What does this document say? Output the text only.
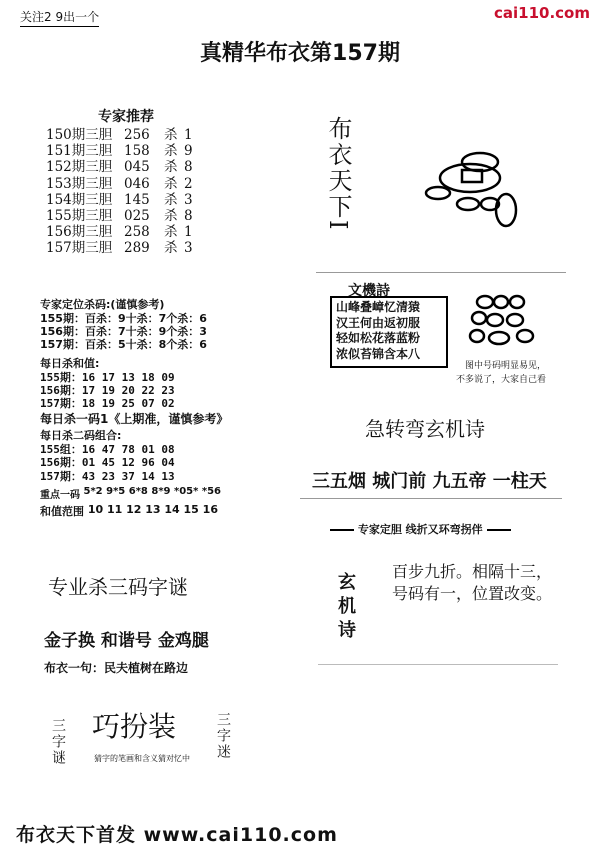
关注2 9出一个	cai110.com
真精华布衣第157期
专家推荐
150期三胆 256	杀 1
151期三胆 158	杀 9
152期三胆 045	杀 8
153期三胆 046	杀 2
154期三胆 145	杀 3
155期三胆 025	杀 8
156期三胆 258	杀 1
157期三胆 289	杀 3
专家定位杀码:(谨慎参考)
155期：百杀：9十杀：7个杀：6
156期：百杀：7十杀：9个杀：3
157期：百杀：5十杀：8个杀：6
每日杀和值:
155期：16 17 13 18 09
156期：17 19 20 22 23
157期：18 19 25 07 02
每日杀一码1《上期准，谨慎参考》
每日杀二码组合:
155组：16 47 78 01 08
156期：01 45 12 96 04
157期：43 23 37 14 13
重点一码
5*2 9*5 6*8 8*9 *05* *56
和值范围
10 11 12 13 14 15 16
专业杀三码字谜
金子换 和谐号 金鸡腿
布衣一句：民夫植树在路边
三字谜 巧扮装
猜字的笔画和含义猜对忆中	三字迷
布衣天下I
文機詩
山峰叠嶂忆清猿
汉王何由返初服
轻如松花落蓝粉
浓似苔锦含本八
图中号码明显易见，
不多说了，大家自己看
急转弯玄机诗
三五烟 城门前 九五帝 一柱天
专家定胆 线折又环弯拐伴
玄机诗
百步九折。相隔十三，
号码有一，位置改变。
布衣天下首发 www.cai110.com
